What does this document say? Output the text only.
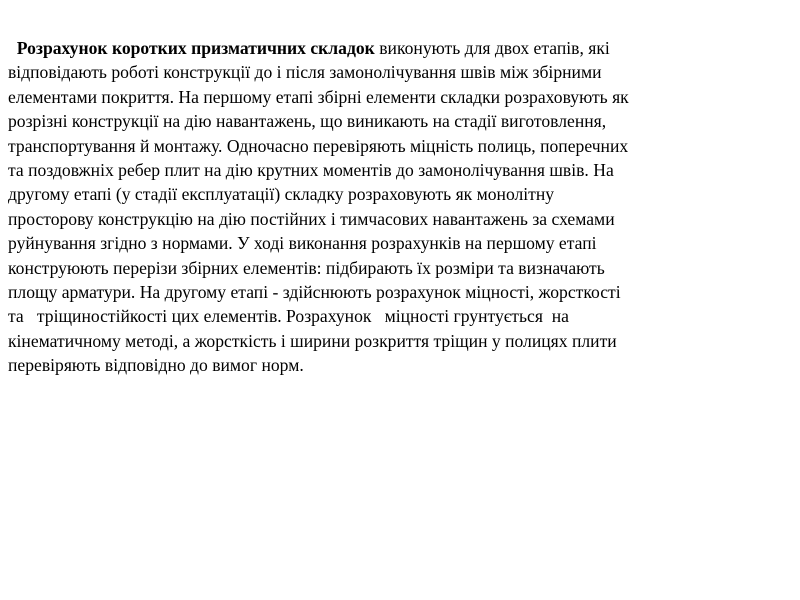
Розрахунок коротких призматичних складок виконують для двох етапів, які
відповідають роботі конструкції до і після замонолічування швів між збірними
елементами покриття. На першому етапі збірні елементи складки розраховують як
розрізні конструкції на дію навантажень, що виникають на стадії виготовлення,
транспортування й монтажу. Одночасно перевіряють міцність полиць, поперечних
та поздовжніх ребер плит на дію крутних моментів до замонолічування швів. На
другому етапі (у стадії експлуатації) складку розраховують як монолітну
просторову конструкцію на дію постійних і тимчасових навантажень за схемами
руйнування згідно з нормами. У ході виконання розрахунків на першому етапі
конструюють перерізи збірних елементів: підбирають їх розміри та визначають
площу арматури. На другому етапі - здійснюють розрахунок міцності, жорсткості
та   тріщиностійкості цих елементів. Розрахунок   міцності грунтується  на
кінематичному методі, а жорсткість і ширини розкриття тріщин у полицях плити
перевіряють відповідно до вимог норм.
